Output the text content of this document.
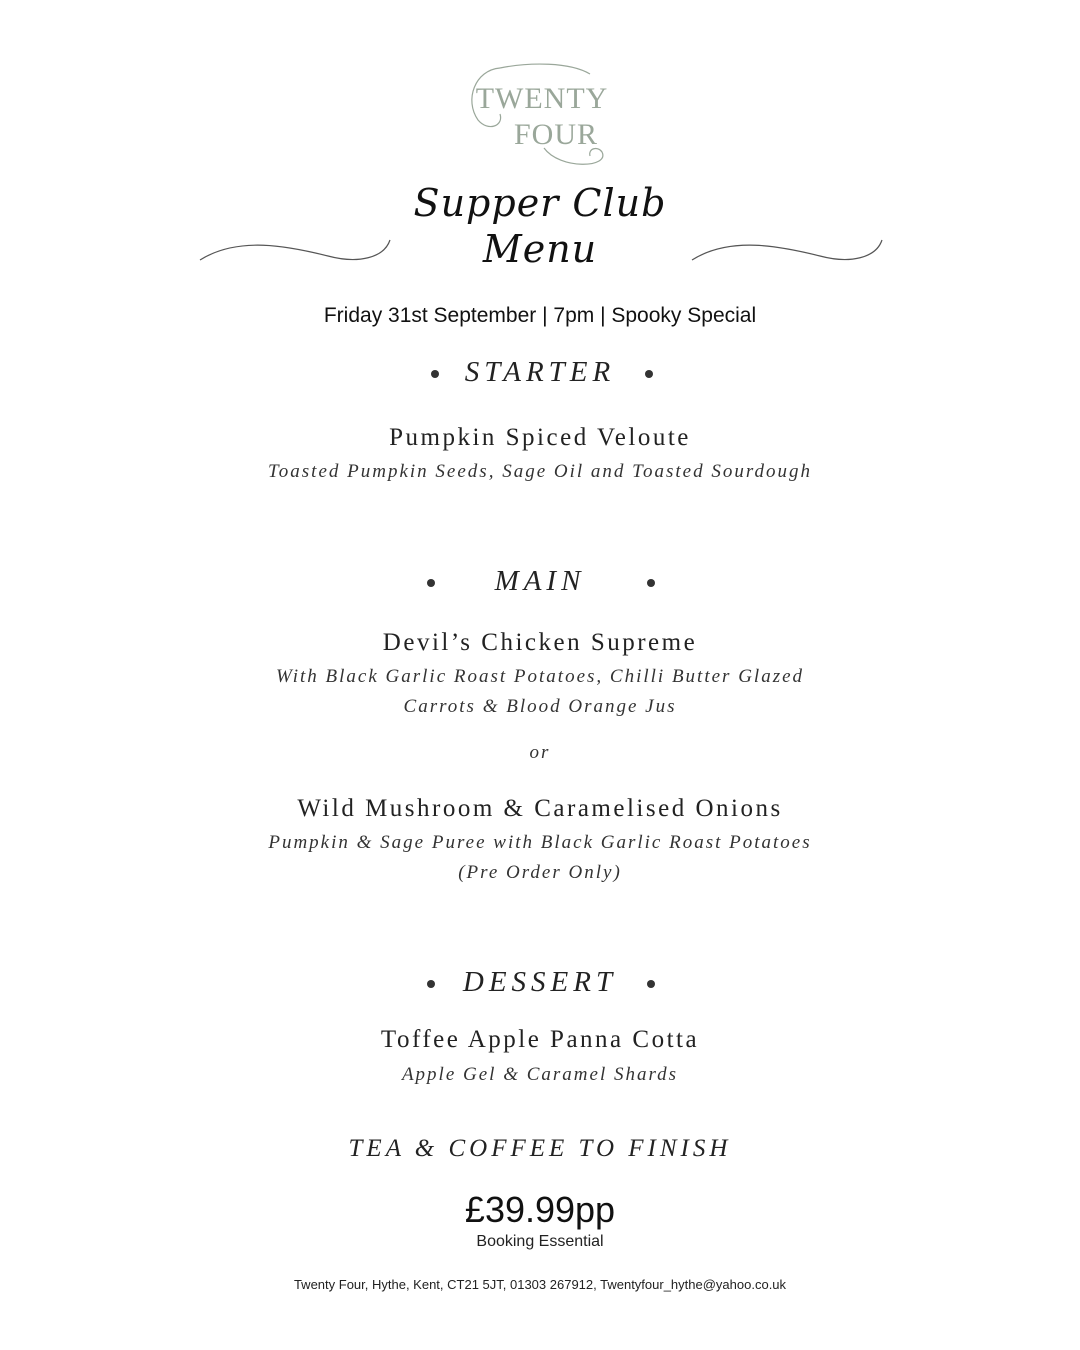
TWENTY
FOUR
Supper Club
Menu
Friday 31st September | 7pm | Spooky Special
STARTER
Pumpkin Spiced Veloute
Toasted Pumpkin Seeds, Sage Oil and Toasted Sourdough
MAIN
Devil’s Chicken Supreme
With Black Garlic Roast Potatoes, Chilli Butter Glazed
Carrots & Blood Orange Jus
or
Wild Mushroom & Caramelised Onions
Pumpkin & Sage Puree with Black Garlic Roast Potatoes
(Pre Order Only)
DESSERT
Toffee Apple Panna Cotta
Apple Gel & Caramel Shards
TEA & COFFEE TO FINISH
£39.99pp
Booking Essential
Twenty Four, Hythe, Kent, CT21 5JT, 01303 267912, Twentyfour_hythe@yahoo.co.uk
